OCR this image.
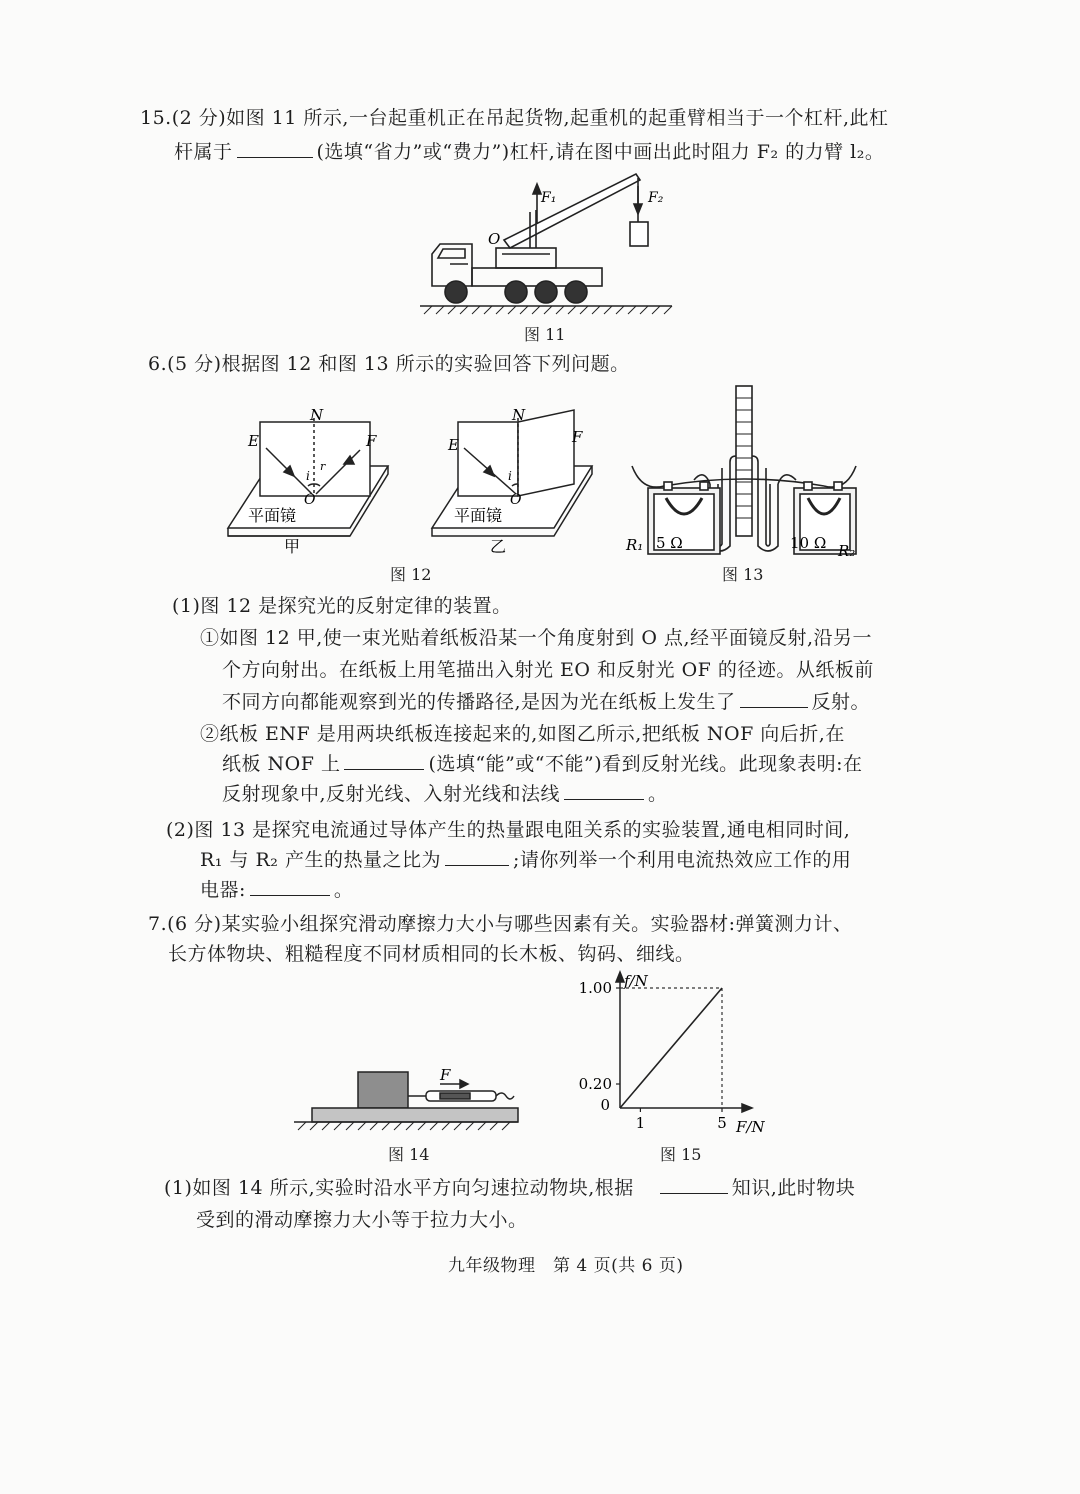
15.(2 分)如图 11 所示,一台起重机正在吊起货物,起重机的起重臂相当于一个杠杆,此杠
杆属于	(选填“省力”或“费力”)杠杆,请在图中画出此时阻力 F₂ 的力臂 l₂。
F₁	F₂
O
图 11
6.(5 分)根据图 12 和图 13 所示的实验回答下列问题。
N
E	F
i
r
O
平面镜
甲
N
E	F
i
O
平面镜
乙
图 12
5 Ω	10 Ω
R₁	R₂
图 13
(1)图 12 是探究光的反射定律的装置。
①如图 12 甲,使一束光贴着纸板沿某一个角度射到 O 点,经平面镜反射,沿另一
个方向射出。在纸板上用笔描出入射光 EO 和反射光 OF 的径迹。从纸板前
不同方向都能观察到光的传播路径,是因为光在纸板上发生了	反射。
②纸板 ENF 是用两块纸板连接起来的,如图乙所示,把纸板 NOF 向后折,在
纸板 NOF 上	(选填“能”或“不能”)看到反射光线。此现象表明:在
反射现象中,反射光线、入射光线和法线	。
(2)图 13 是探究电流通过导体产生的热量跟电阻关系的实验装置,通电相同时间,
R₁ 与 R₂ 产生的热量之比为	;请你列举一个利用电流热效应工作的用
电器:	。
7.(6 分)某实验小组探究滑动摩擦力大小与哪些因素有关。实验器材:弹簧测力计、
长方体物块、粗糙程度不同材质相同的长木板、钩码、细线。
F
图 14
0.20
1.00
1	5
0
f/N
F/N
图 15
(1)如图 14 所示,实验时沿水平方向匀速拉动物块,根据	知识,此时物块
受到的滑动摩擦力大小等于拉力大小。
九年级物理　第 4 页(共 6 页)
